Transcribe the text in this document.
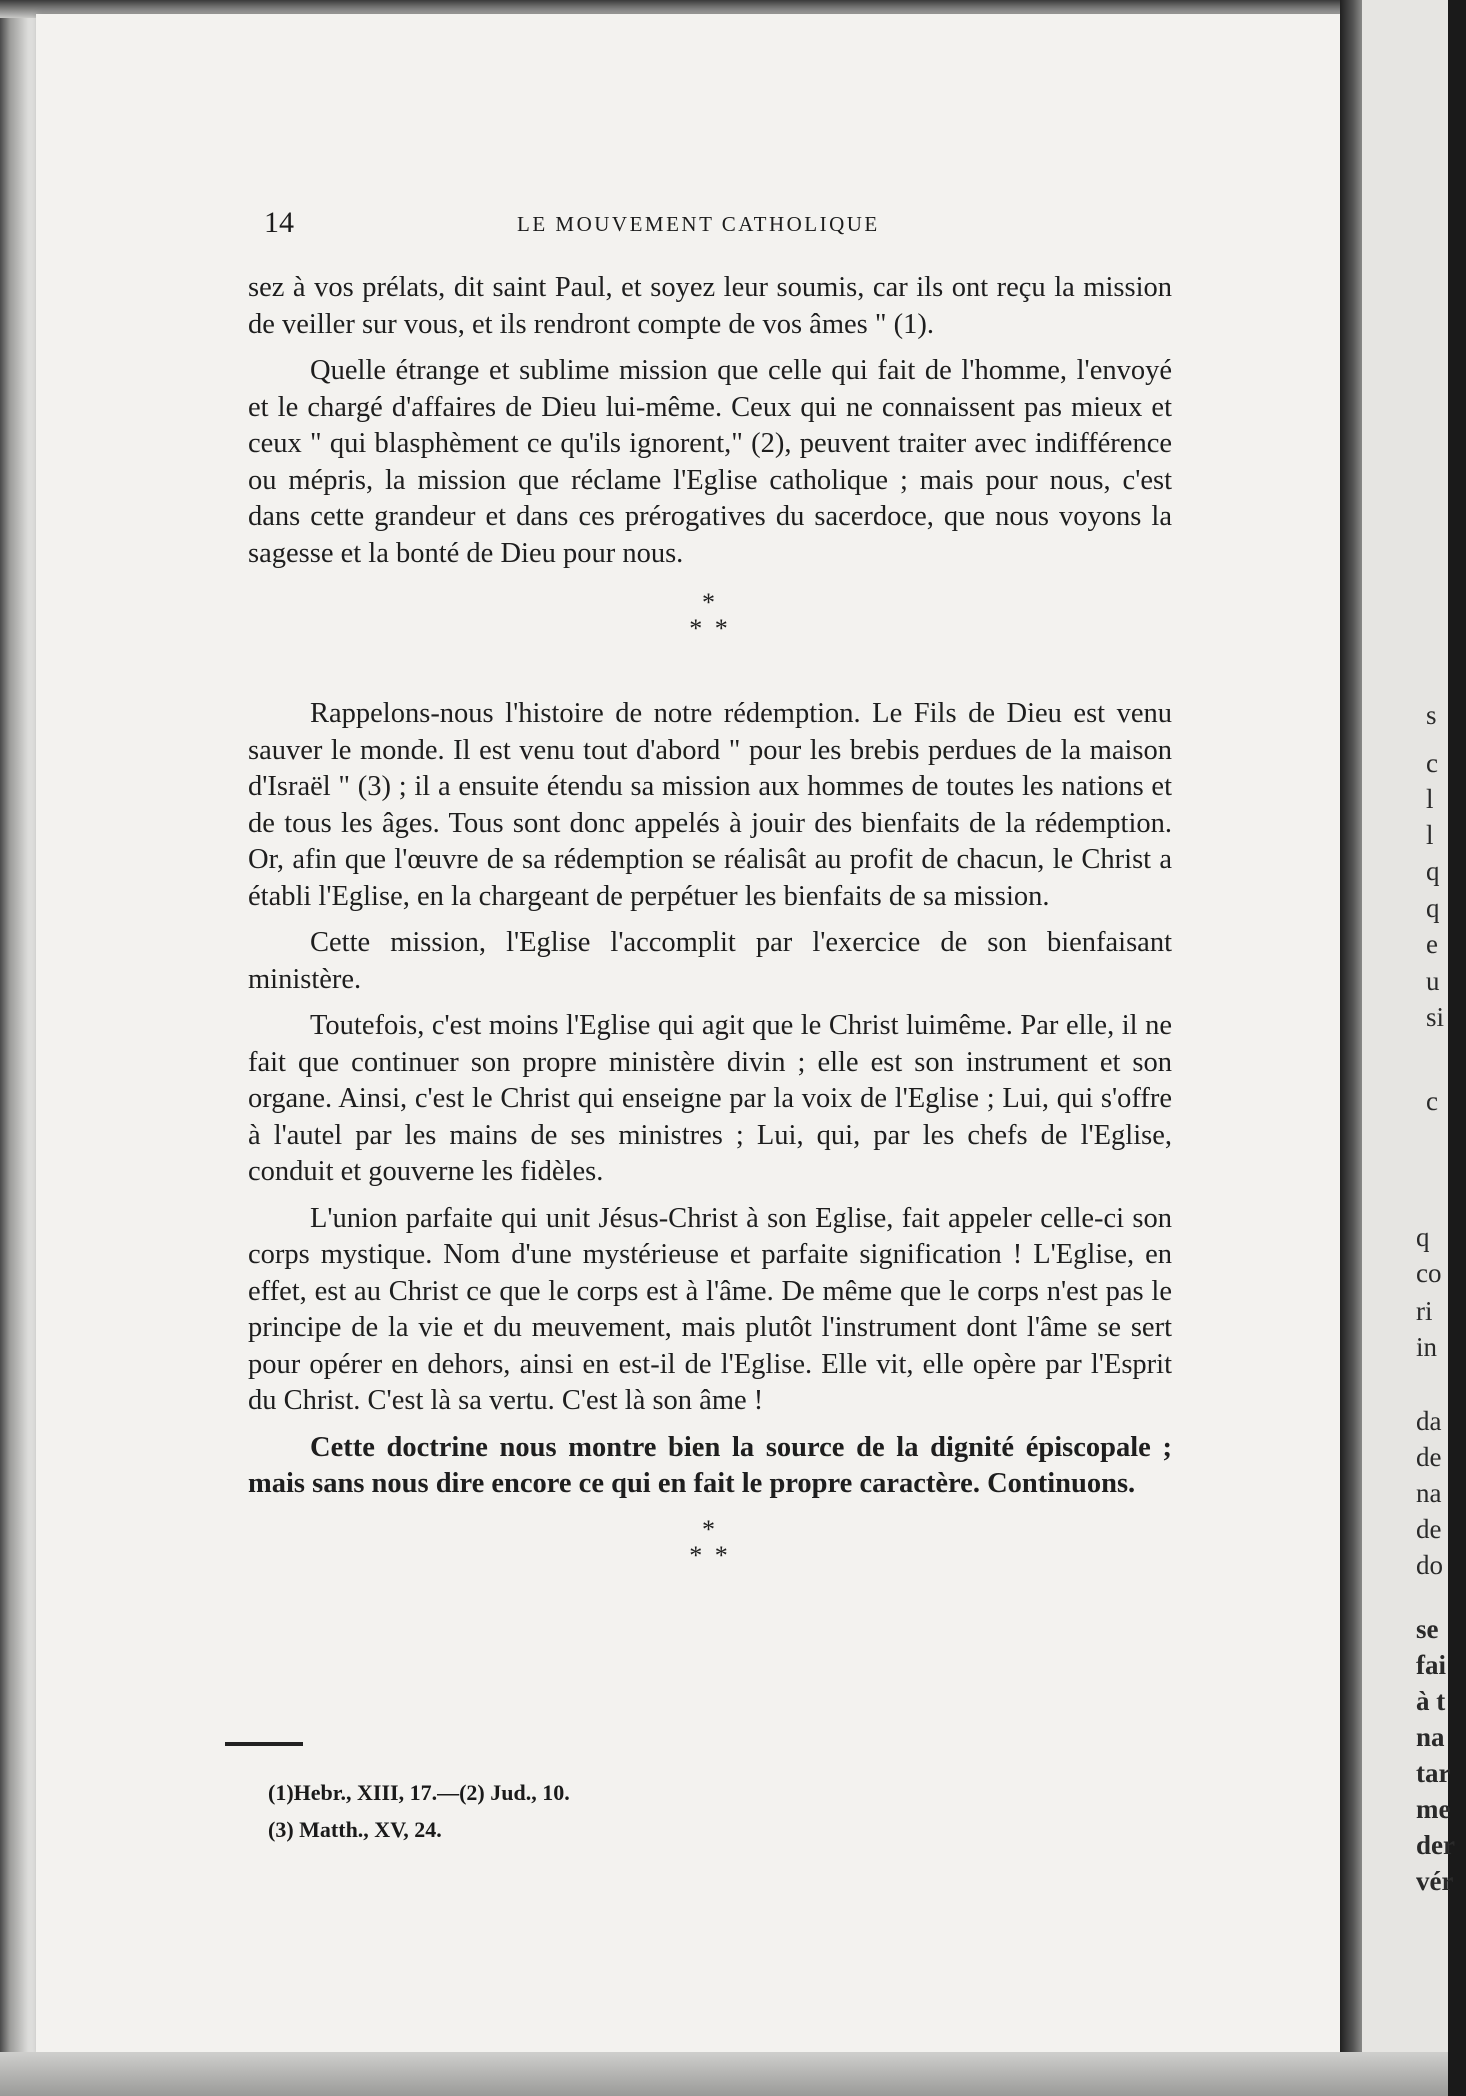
14	LE MOUVEMENT CATHOLIQUE

sez à vos prélats, dit saint Paul, et soyez leur soumis, car ils ont reçu la mission de veiller sur vous, et ils rendront compte de vos âmes " (1).

Quelle étrange et sublime mission que celle qui fait de l'homme, l'envoyé et le chargé d'affaires de Dieu lui-même. Ceux qui ne connaissent pas mieux et ceux " qui blasphèment ce qu'ils ignorent," (2), peuvent traiter avec indifférence ou mépris, la mission que réclame l'Eglise catholique ; mais pour nous, c'est dans cette grandeur et dans ces prérogatives du sacerdoce, que nous voyons la sagesse et la bonté de Dieu pour nous.

*
* *

Rappelons-nous l'histoire de notre rédemption. Le Fils de Dieu est venu sauver le monde. Il est venu tout d'abord " pour les brebis perdues de la maison d'Israël " (3) ; il a ensuite étendu sa mission aux hommes de toutes les nations et de tous les âges. Tous sont donc appelés à jouir des bienfaits de la rédemption. Or, afin que l'œuvre de sa rédemption se réalisât au profit de chacun, le Christ a établi l'Eglise, en la chargeant de perpétuer les bienfaits de sa mission.

Cette mission, l'Eglise l'accomplit par l'exercice de son bienfaisant ministère.

Toutefois, c'est moins l'Eglise qui agit que le Christ luimême. Par elle, il ne fait que continuer son propre ministère divin ; elle est son instrument et son organe. Ainsi, c'est le Christ qui enseigne par la voix de l'Eglise ; Lui, qui s'offre à l'autel par les mains de ses ministres ; Lui, qui, par les chefs de l'Eglise, conduit et gouverne les fidèles.

L'union parfaite qui unit Jésus-Christ à son Eglise, fait appeler celle-ci son corps mystique. Nom d'une mystérieuse et parfaite signification ! L'Eglise, en effet, est au Christ ce que le corps est à l'âme. De même que le corps n'est pas le principe de la vie et du meuvement, mais plutôt l'instrument dont l'âme se sert pour opérer en dehors, ainsi en est-il de l'Eglise. Elle vit, elle opère par l'Esprit du Christ. C'est là sa vertu. C'est là son âme !

Cette doctrine nous montre bien la source de la dignité épiscopale ; mais sans nous dire encore ce qui en fait le propre caractère. Continuons.

*
* *
(1)Hebr., XIII, 17.—(2) Jud., 10.
(3) Matth., XV, 24.
s
c
l
l
q
q
e
u
si
c
q
co
ri
in
da
de
na
de
do
se
fai
à t
na
tar
me
der
vér
